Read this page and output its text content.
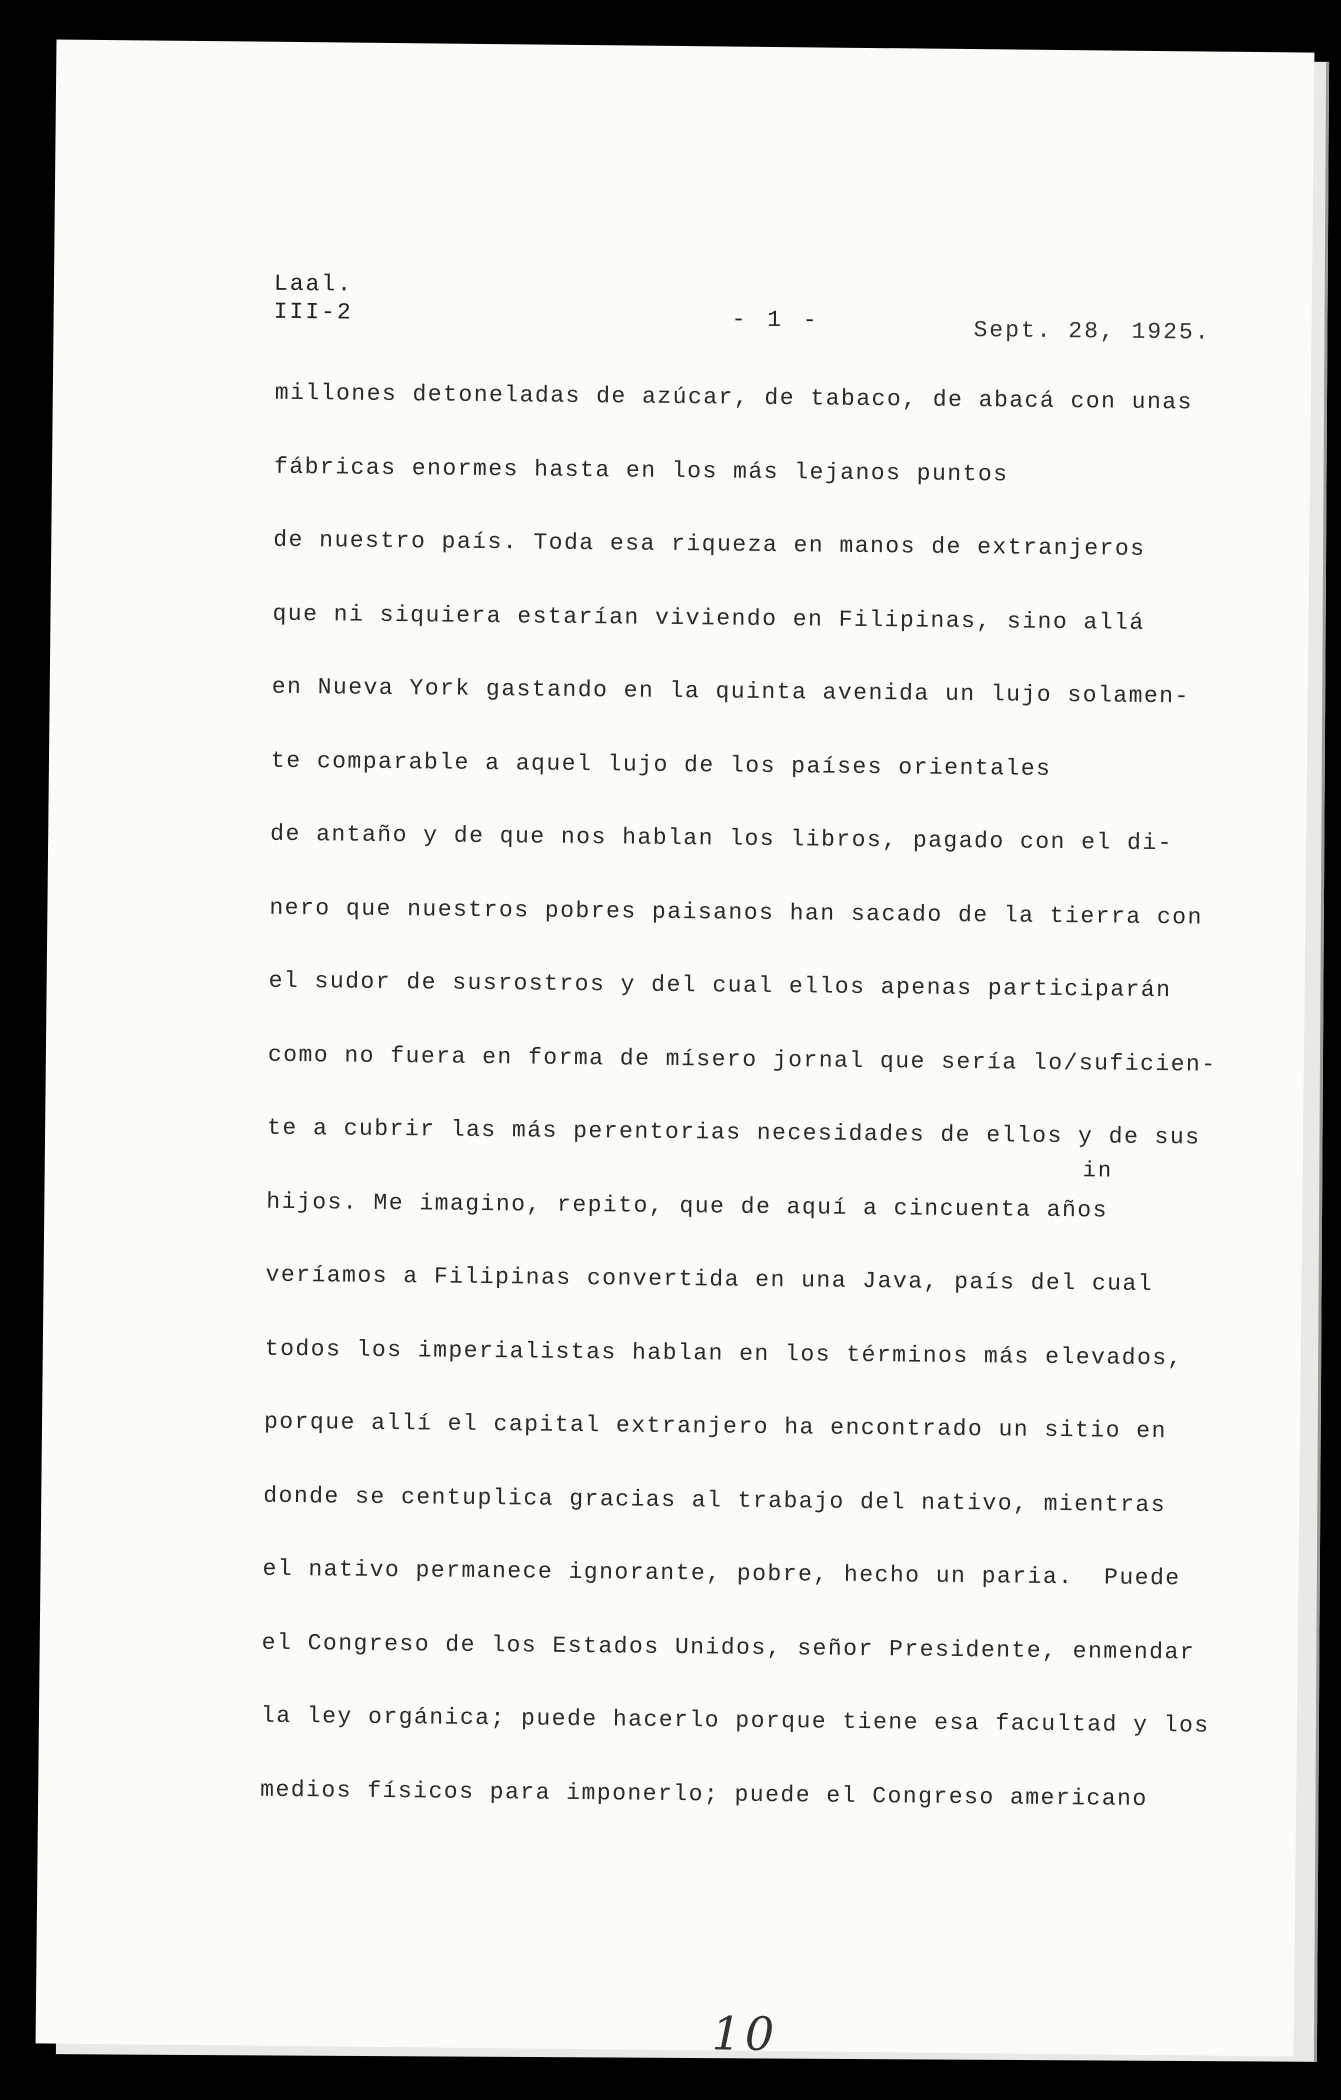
Laal.
III-2	- 1 -	Sept. 28, 1925.
millones detoneladas de azúcar, de tabaco, de abacá con unas
fábricas enormes hasta en los más lejanos puntos
de nuestro país. Toda esa riqueza en manos de extranjeros
que ni siquiera estarían viviendo en Filipinas, sino allá
en Nueva York gastando en la quinta avenida un lujo solamen-
te comparable a aquel lujo de los países orientales
de antaño y de que nos hablan los libros, pagado con el di-
nero que nuestros pobres paisanos han sacado de la tierra con
el sudor de susrostros y del cual ellos apenas participarán
como no fuera en forma de mísero jornal que sería lo/suficien-
te a cubrir las más perentorias necesidades de ellos y de sus
hijos. Me imagino, repito, que de aquí a cincuenta años
veríamos a Filipinas convertida en una Java, país del cual
todos los imperialistas hablan en los términos más elevados,
porque allí el capital extranjero ha encontrado un sitio en
donde se centuplica gracias al trabajo del nativo, mientras
el nativo permanece ignorante, pobre, hecho un paria.  Puede
el Congreso de los Estados Unidos, señor Presidente, enmendar
la ley orgánica; puede hacerlo porque tiene esa facultad y los
medios físicos para imponerlo; puede el Congreso americano
in
10
